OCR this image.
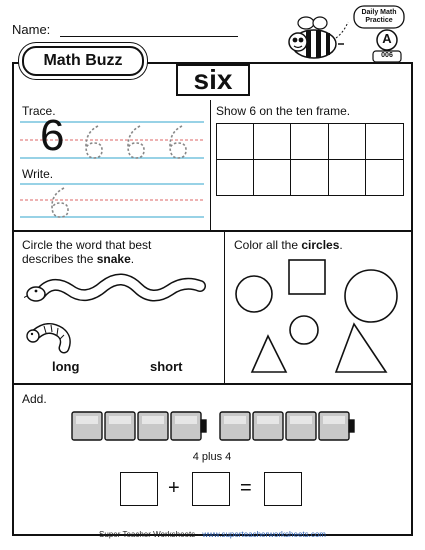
Name:
Daily Math
Practice
A
006
Math Buzz
six
Trace.
6
Write.
Show 6 on the ten frame.
Circle the word that best
describes the snake.
long	short
Color all the circles.
Add.
4 plus 4
+	=
Super Teacher Worksheets - www.superteacherworksheets.com
